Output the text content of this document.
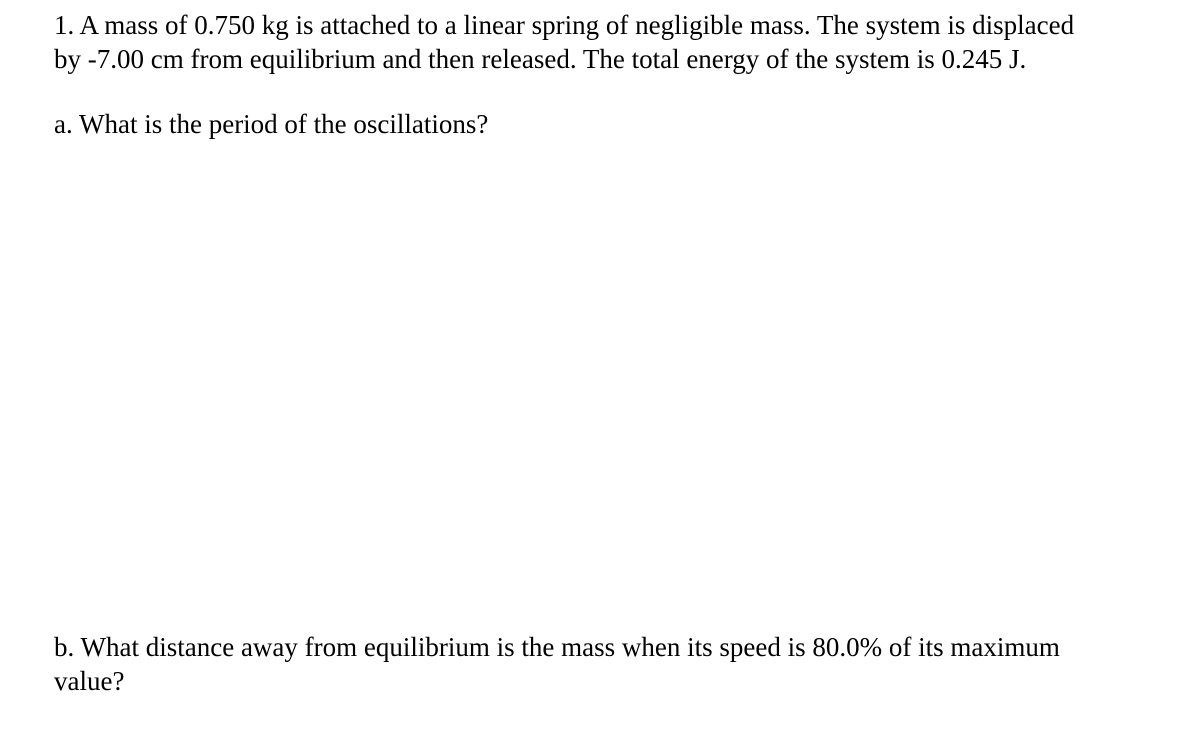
1. A mass of 0.750 kg is attached to a linear spring of negligible mass. The system is displaced
by -7.00 cm from equilibrium and then released. The total energy of the system is 0.245 J.

a. What is the period of the oscillations?

b. What distance away from equilibrium is the mass when its speed is 80.0% of its maximum
value?
